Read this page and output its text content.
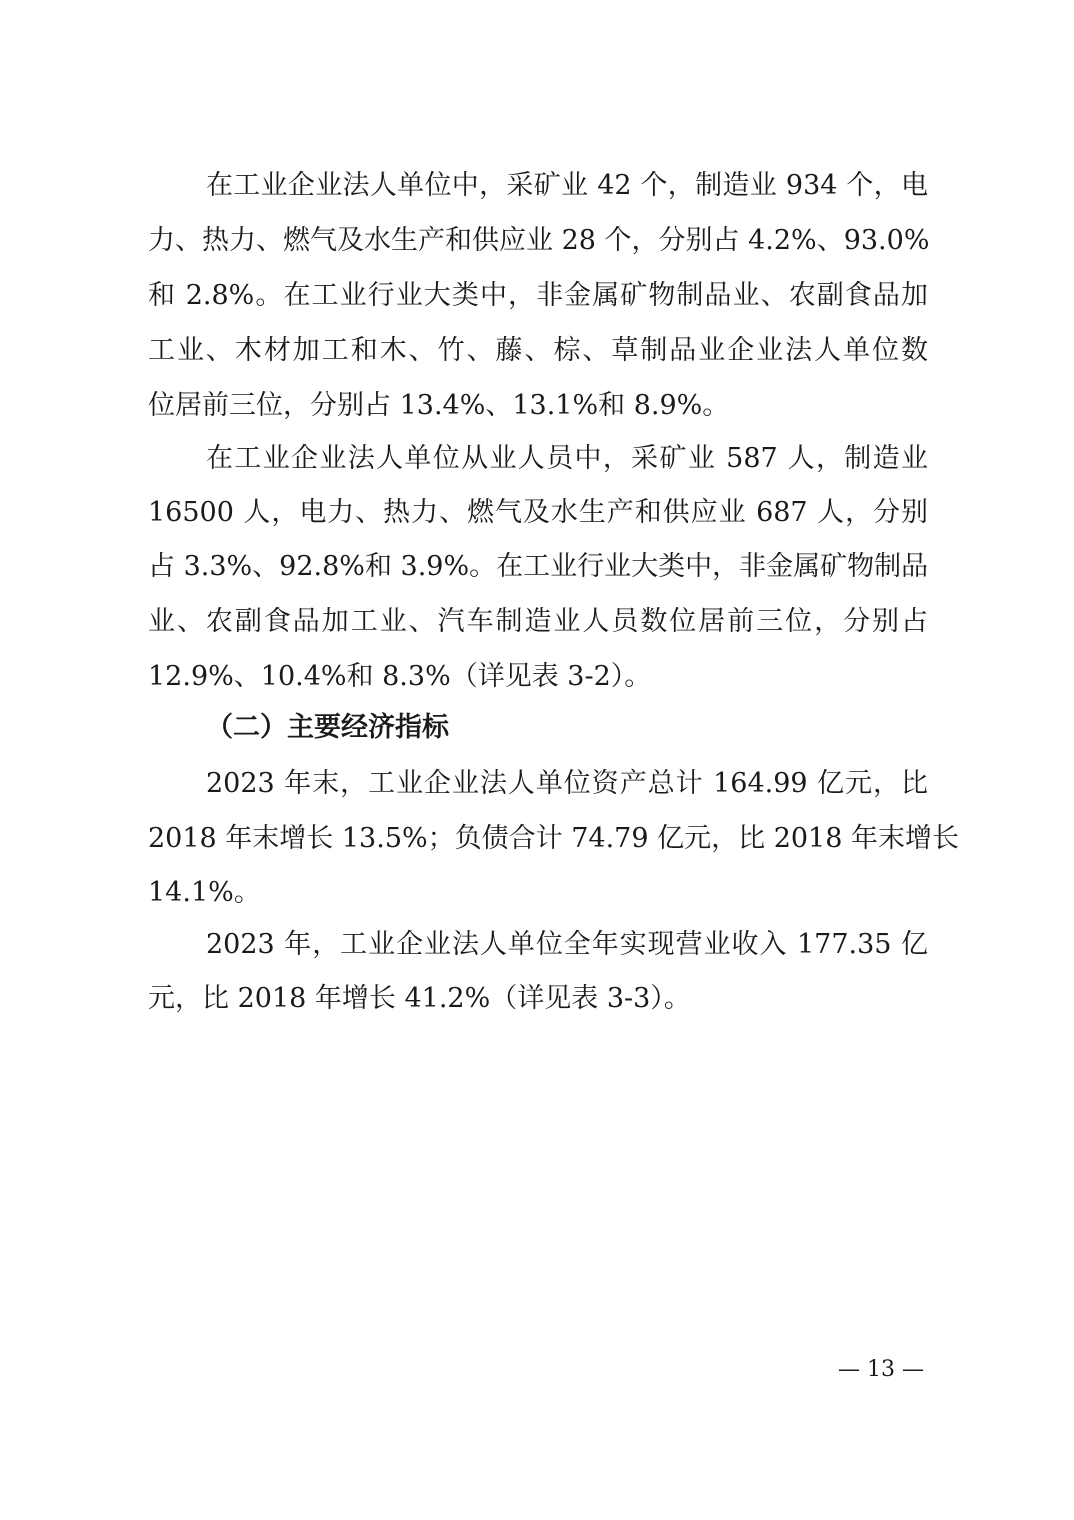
在工业企业法人单位中，采矿业 42 个，制造业 934 个，电
力、热力、燃气及水生产和供应业 28 个，分别占 4.2%、93.0%
和 2.8%。在工业行业大类中，非金属矿物制品业、农副食品加
工业、木材加工和木、竹、藤、棕、草制品业企业法人单位数
位居前三位，分别占 13.4%、13.1%和 8.9%。
在工业企业法人单位从业人员中，采矿业 587 人，制造业
16500 人，电力、热力、燃气及水生产和供应业 687 人，分别
占 3.3%、92.8%和 3.9%。在工业行业大类中，非金属矿物制品
业、农副食品加工业、汽车制造业人员数位居前三位，分别占
12.9%、10.4%和 8.3%（详见表 3-2）。
（二）主要经济指标
2023 年末，工业企业法人单位资产总计 164.99 亿元，比
2018 年末增长 13.5%；负债合计 74.79 亿元，比 2018 年末增长
14.1%。
2023 年，工业企业法人单位全年实现营业收入 177.35 亿
元，比 2018 年增长 41.2%（详见表 3-3）。
— 13 —
